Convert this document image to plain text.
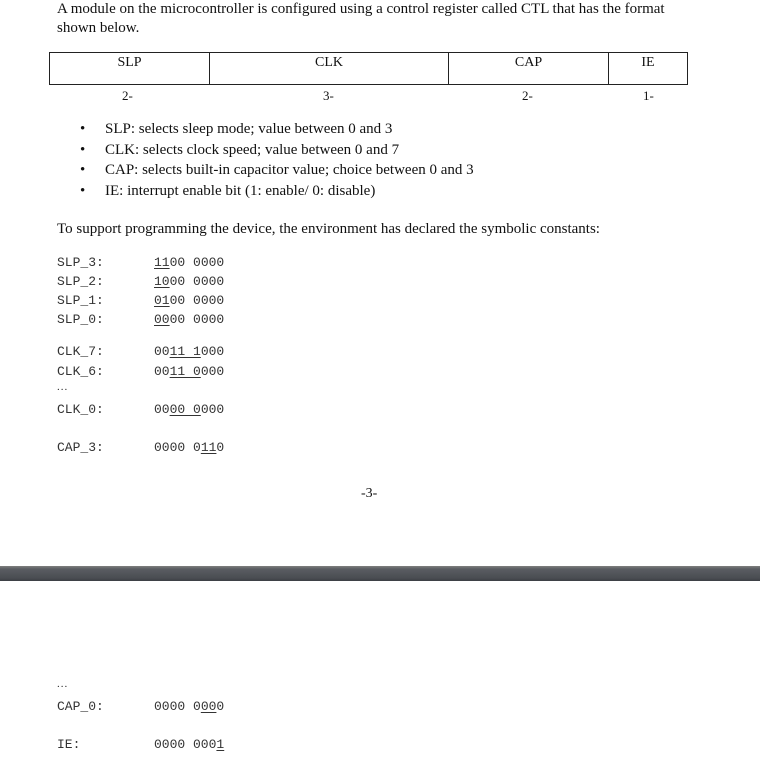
A module on the microcontroller is configured using a control register called CTL that has the format shown below.
SLP	CLK	CAP	IE
2-	3-	2-	1-
• SLP: selects sleep mode; value between 0 and 3
• CLK: selects clock speed; value between 0 and 7
• CAP: selects built-in capacitor value; choice between 0 and 3
• IE: interrupt enable bit (1: enable/ 0: disable)
To support programming the device, the environment has declared the symbolic constants:
SLP_3:	1100 0000
SLP_2:	1000 0000
SLP_1:	0100 0000
SLP_0:	0000 0000
CLK_7:	0011 1000
CLK_6:	0011 0000
...
CLK_0:	0000 0000
CAP_3:	0000 0110
-3-
...
CAP_0:	0000 0000
IE:	0000 0001
